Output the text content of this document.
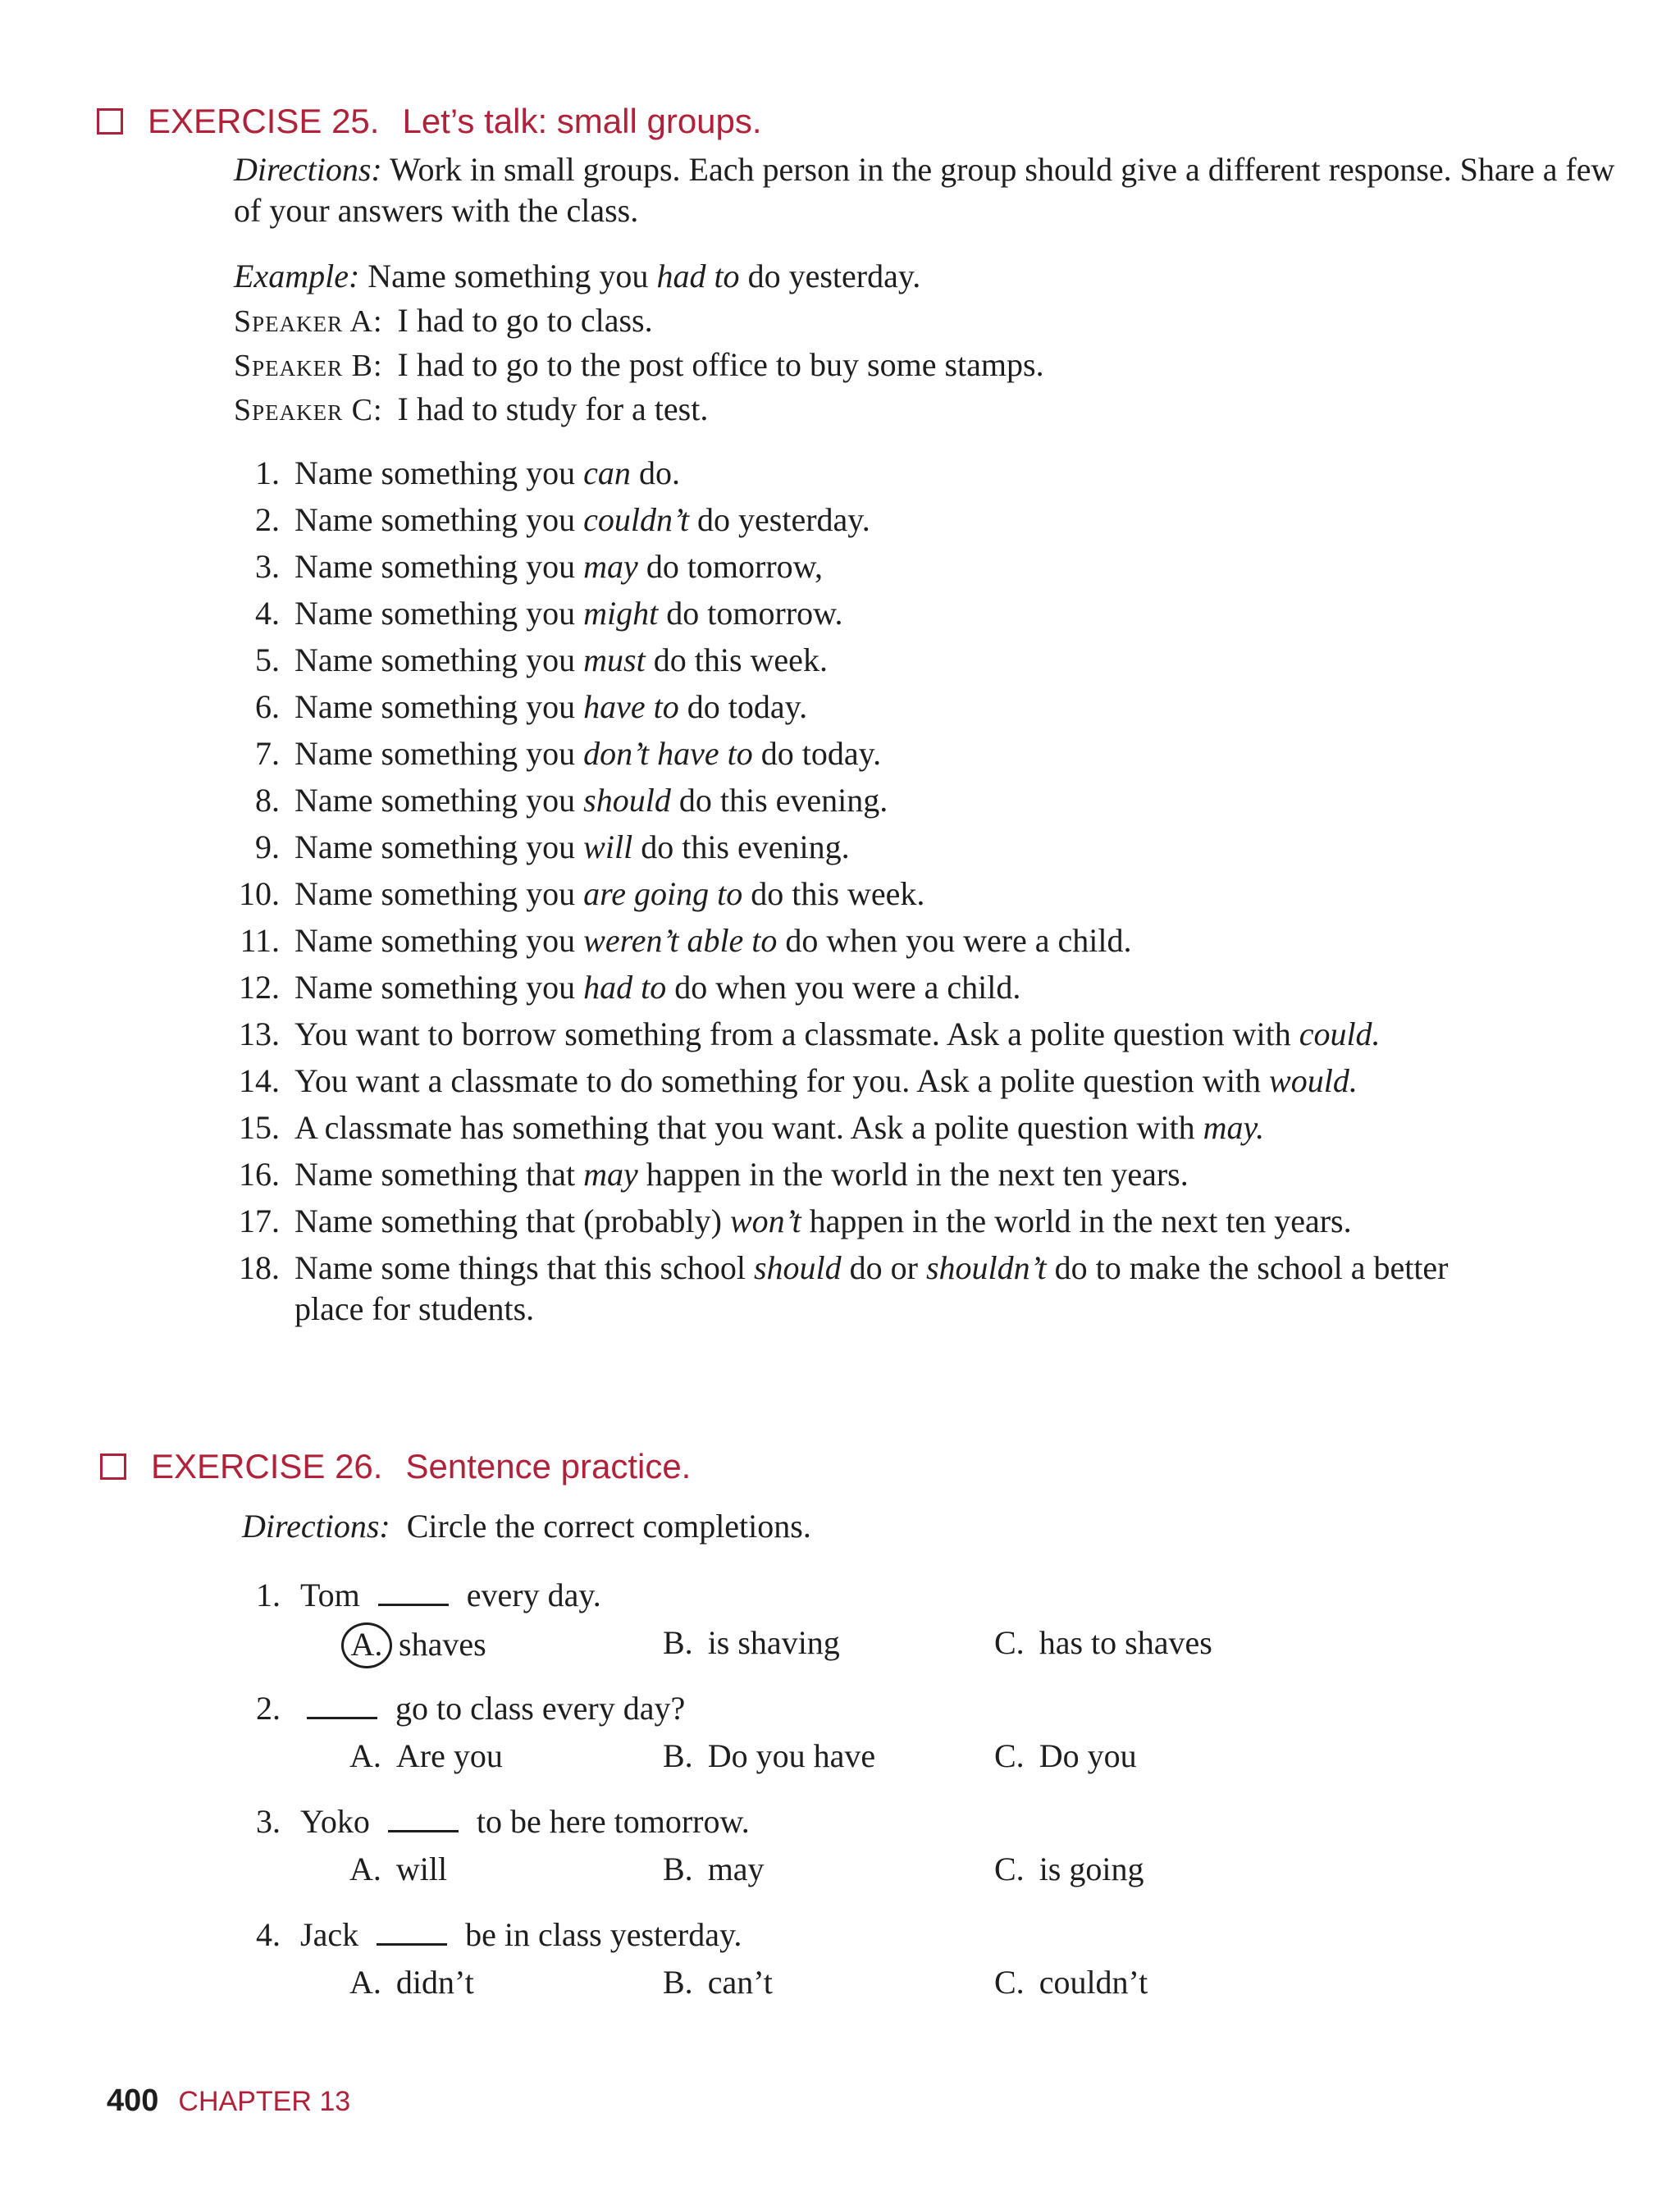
EXERCISE 25. Let’s talk: small groups.
Directions: Work in small groups. Each person in the group should give a different response. Share a few of your answers with the class.
Example: Name something you had to do yesterday.
Speaker A: I had to go to class.
Speaker B: I had to go to the post office to buy some stamps.
Speaker C: I had to study for a test.
1. Name something you can do.
2. Name something you couldn’t do yesterday.
3. Name something you may do tomorrow,
4. Name something you might do tomorrow.
5. Name something you must do this week.
6. Name something you have to do today.
7. Name something you don’t have to do today.
8. Name something you should do this evening.
9. Name something you will do this evening.
10. Name something you are going to do this week.
11. Name something you weren’t able to do when you were a child.
12. Name something you had to do when you were a child.
13. You want to borrow something from a classmate. Ask a polite question with could.
14. You want a classmate to do something for you. Ask a polite question with would.
15. A classmate has something that you want. Ask a polite question with may.
16. Name something that may happen in the world in the next ten years.
17. Name something that (probably) won’t happen in the world in the next ten years.
18. Name some things that this school should do or shouldn’t do to make the school a better place for students.
EXERCISE 26. Sentence practice.
Directions: Circle the correct completions.
1. Tom	every day.
A. shaves	B. is shaving	C. has to shaves
2.	go to class every day?
A. Are you	B. Do you have	C. Do you
3. Yoko	to be here tomorrow.
A. will	B. may	C. is going
4. Jack	be in class yesterday.
A. didn’t	B. can’t	C. couldn’t
400 CHAPTER 13
